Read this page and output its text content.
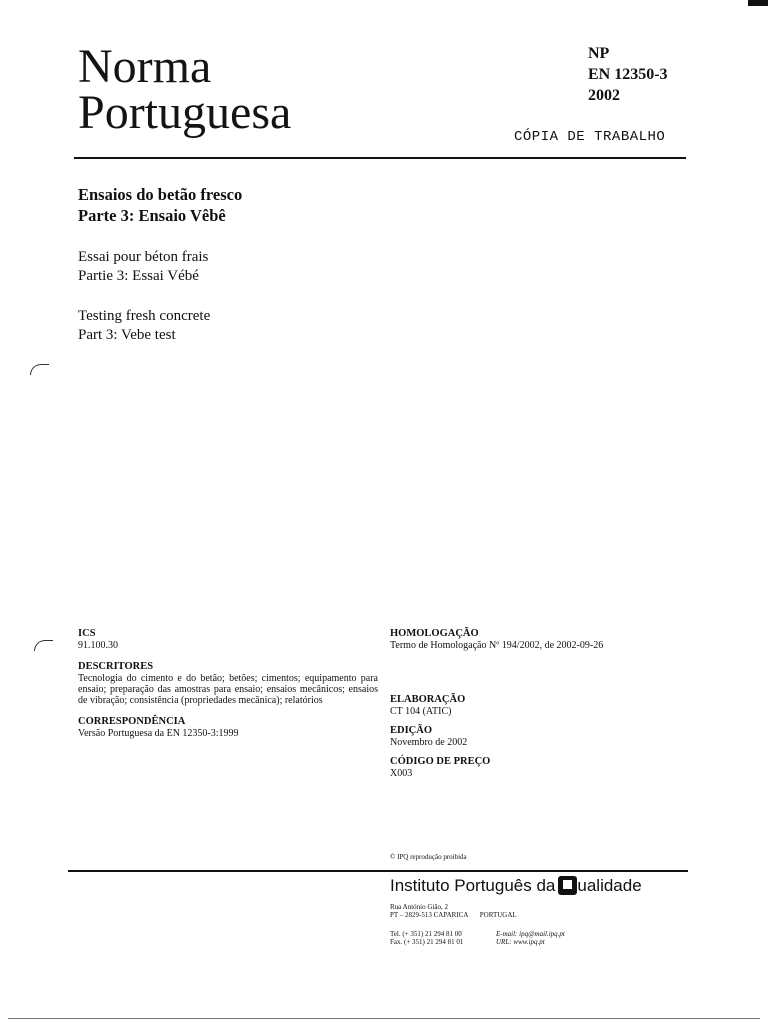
Norma
Portuguesa
NP
EN 12350-3
2002
CÓPIA DE TRABALHO
Ensaios do betão fresco
Parte 3: Ensaio Vêbê
Essai pour béton frais
Partie 3: Essai Vébé
Testing fresh concrete
Part 3: Vebe test
ICS
91.100.30
DESCRITORES
Tecnologia do cimento e do betão; betões; cimentos; equipamento para ensaio; preparação das amostras para ensaio; ensaios mecânicos; ensaios de vibração; consistência (propriedades mecânica); relatórios
CORRESPONDÊNCIA
Versão Portuguesa da EN 12350-3:1999
HOMOLOGAÇÃO
Termo de Homologação Nº 194/2002, de 2002-09-26
ELABORAÇÃO
CT 104 (ATIC)
EDIÇÃO
Novembro de 2002
CÓDIGO DE PREÇO
X003
© IPQ reprodução proibida
Instituto Português da ualidade
Rua António Gião, 2
PT – 2829-513 CAPARICA PORTUGAL
Tel. (+ 351) 21 294 81 00
Fax. (+ 351) 21 294 81 01
E-mail: ipq@mail.ipq.pt
URL: www.ipq.pt
